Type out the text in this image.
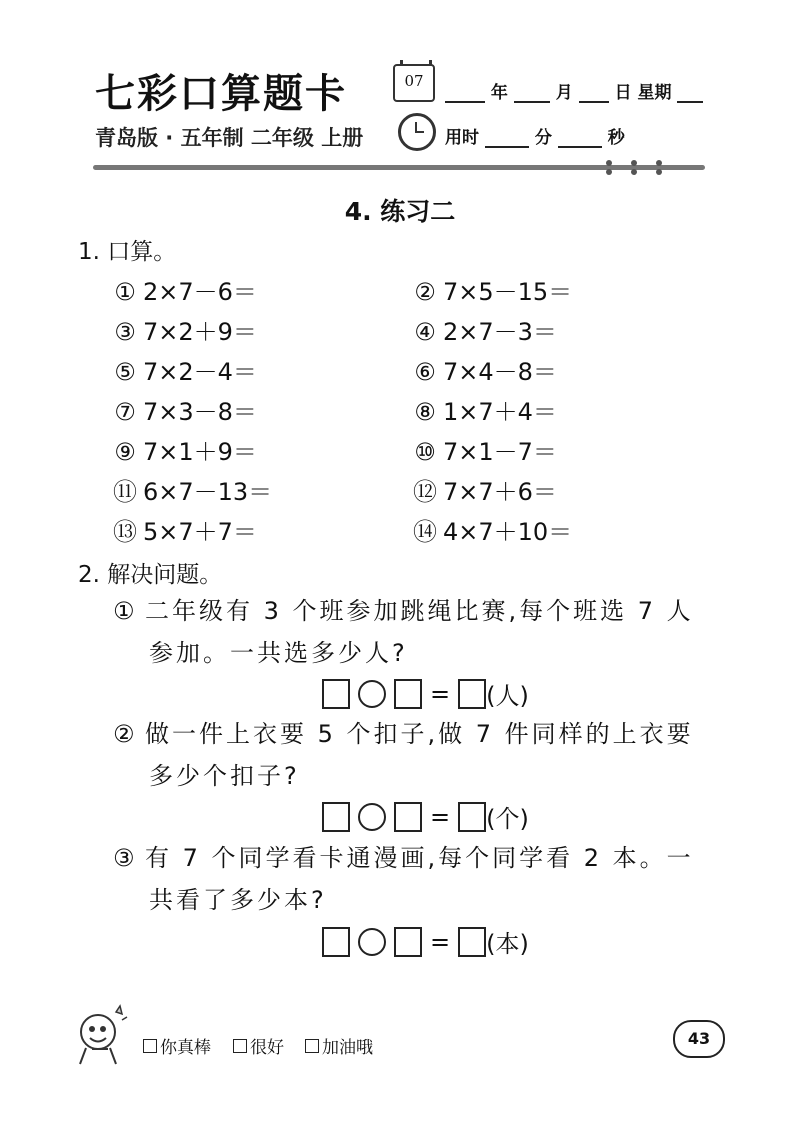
七彩口算题卡
青岛版 · 五年制 二年级 上册
07
年	月 日 星期
用时	分	秒
4. 练习二
1. 口算。
① 2×7－6＝	② 7×5－15＝
③ 7×2＋9＝	④ 2×7－3＝
⑤ 7×2－4＝	⑥ 7×4－8＝
⑦ 7×3－8＝	⑧ 1×7＋4＝
⑨ 7×1＋9＝	⑩ 7×1－7＝
⑪ 6×7－13＝	⑫ 7×7＋6＝
⑬ 5×7＋7＝	⑭ 4×7＋10＝
2. 解决问题。
① 二年级有 3 个班参加跳绳比赛,每个班选 7 人
参加。一共选多少人?
= (人)
② 做一件上衣要 5 个扣子,做 7 件同样的上衣要
多少个扣子?
= (个)
③ 有 7 个同学看卡通漫画,每个同学看 2 本。一
共看了多少本?
= (本)
你真棒 很好 加油哦	43
